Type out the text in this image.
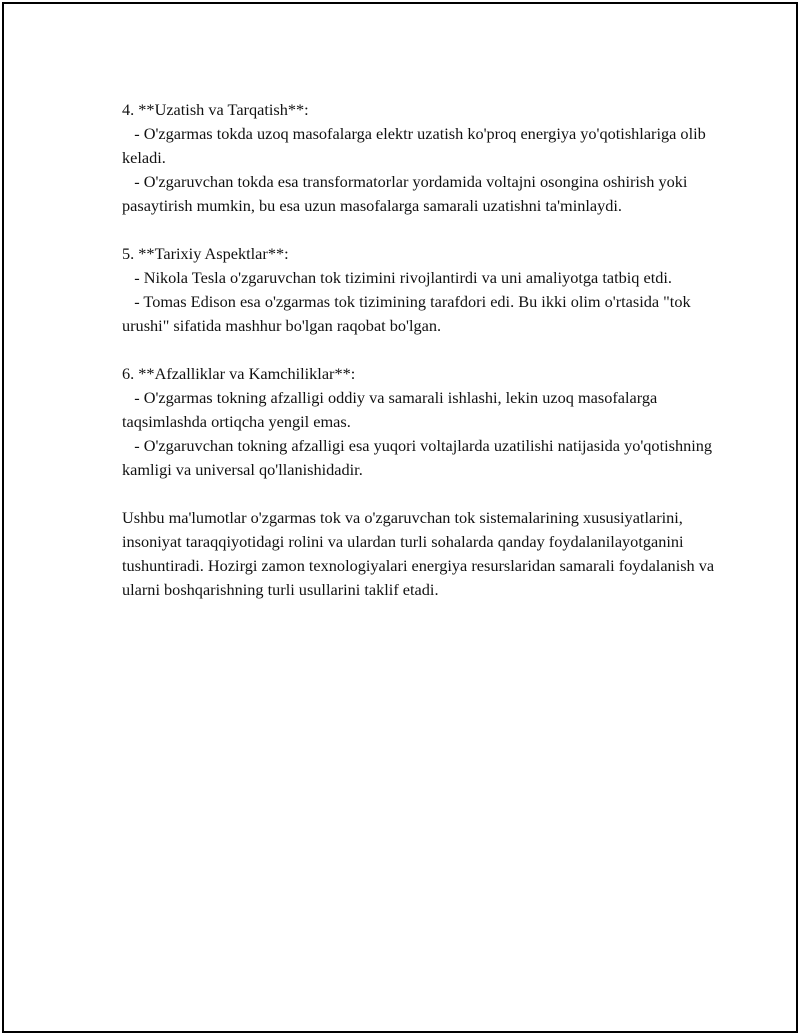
4. **Uzatish va Tarqatish**:
- O'zgarmas tokda uzoq masofalarga elektr uzatish ko'proq energiya yo'qotishlariga olib keladi.
- O'zgaruvchan tokda esa transformatorlar yordamida voltajni osongina oshirish yoki pasaytirish mumkin, bu esa uzun masofalarga samarali uzatishni ta'minlaydi.
5. **Tarixiy Aspektlar**:
- Nikola Tesla o'zgaruvchan tok tizimini rivojlantirdi va uni amaliyotga tatbiq etdi.
- Tomas Edison esa o'zgarmas tok tizimining tarafdori edi. Bu ikki olim o'rtasida "tok urushi" sifatida mashhur bo'lgan raqobat bo'lgan.
6. **Afzalliklar va Kamchiliklar**:
- O'zgarmas tokning afzalligi oddiy va samarali ishlashi, lekin uzoq masofalarga taqsimlashda ortiqcha yengil emas.
- O'zgaruvchan tokning afzalligi esa yuqori voltajlarda uzatilishi natijasida yo'qotishning kamligi va universal qo'llanishidadir.

Ushbu ma'lumotlar o'zgarmas tok va o'zgaruvchan tok sistemalarining xususiyatlarini, insoniyat taraqqiyotidagi rolini va ulardan turli sohalarda qanday foydalanilayotganini tushuntiradi. Hozirgi zamon texnologiyalari energiya resurslaridan samarali foydalanish va ularni boshqarishning turli usullarini taklif etadi.
